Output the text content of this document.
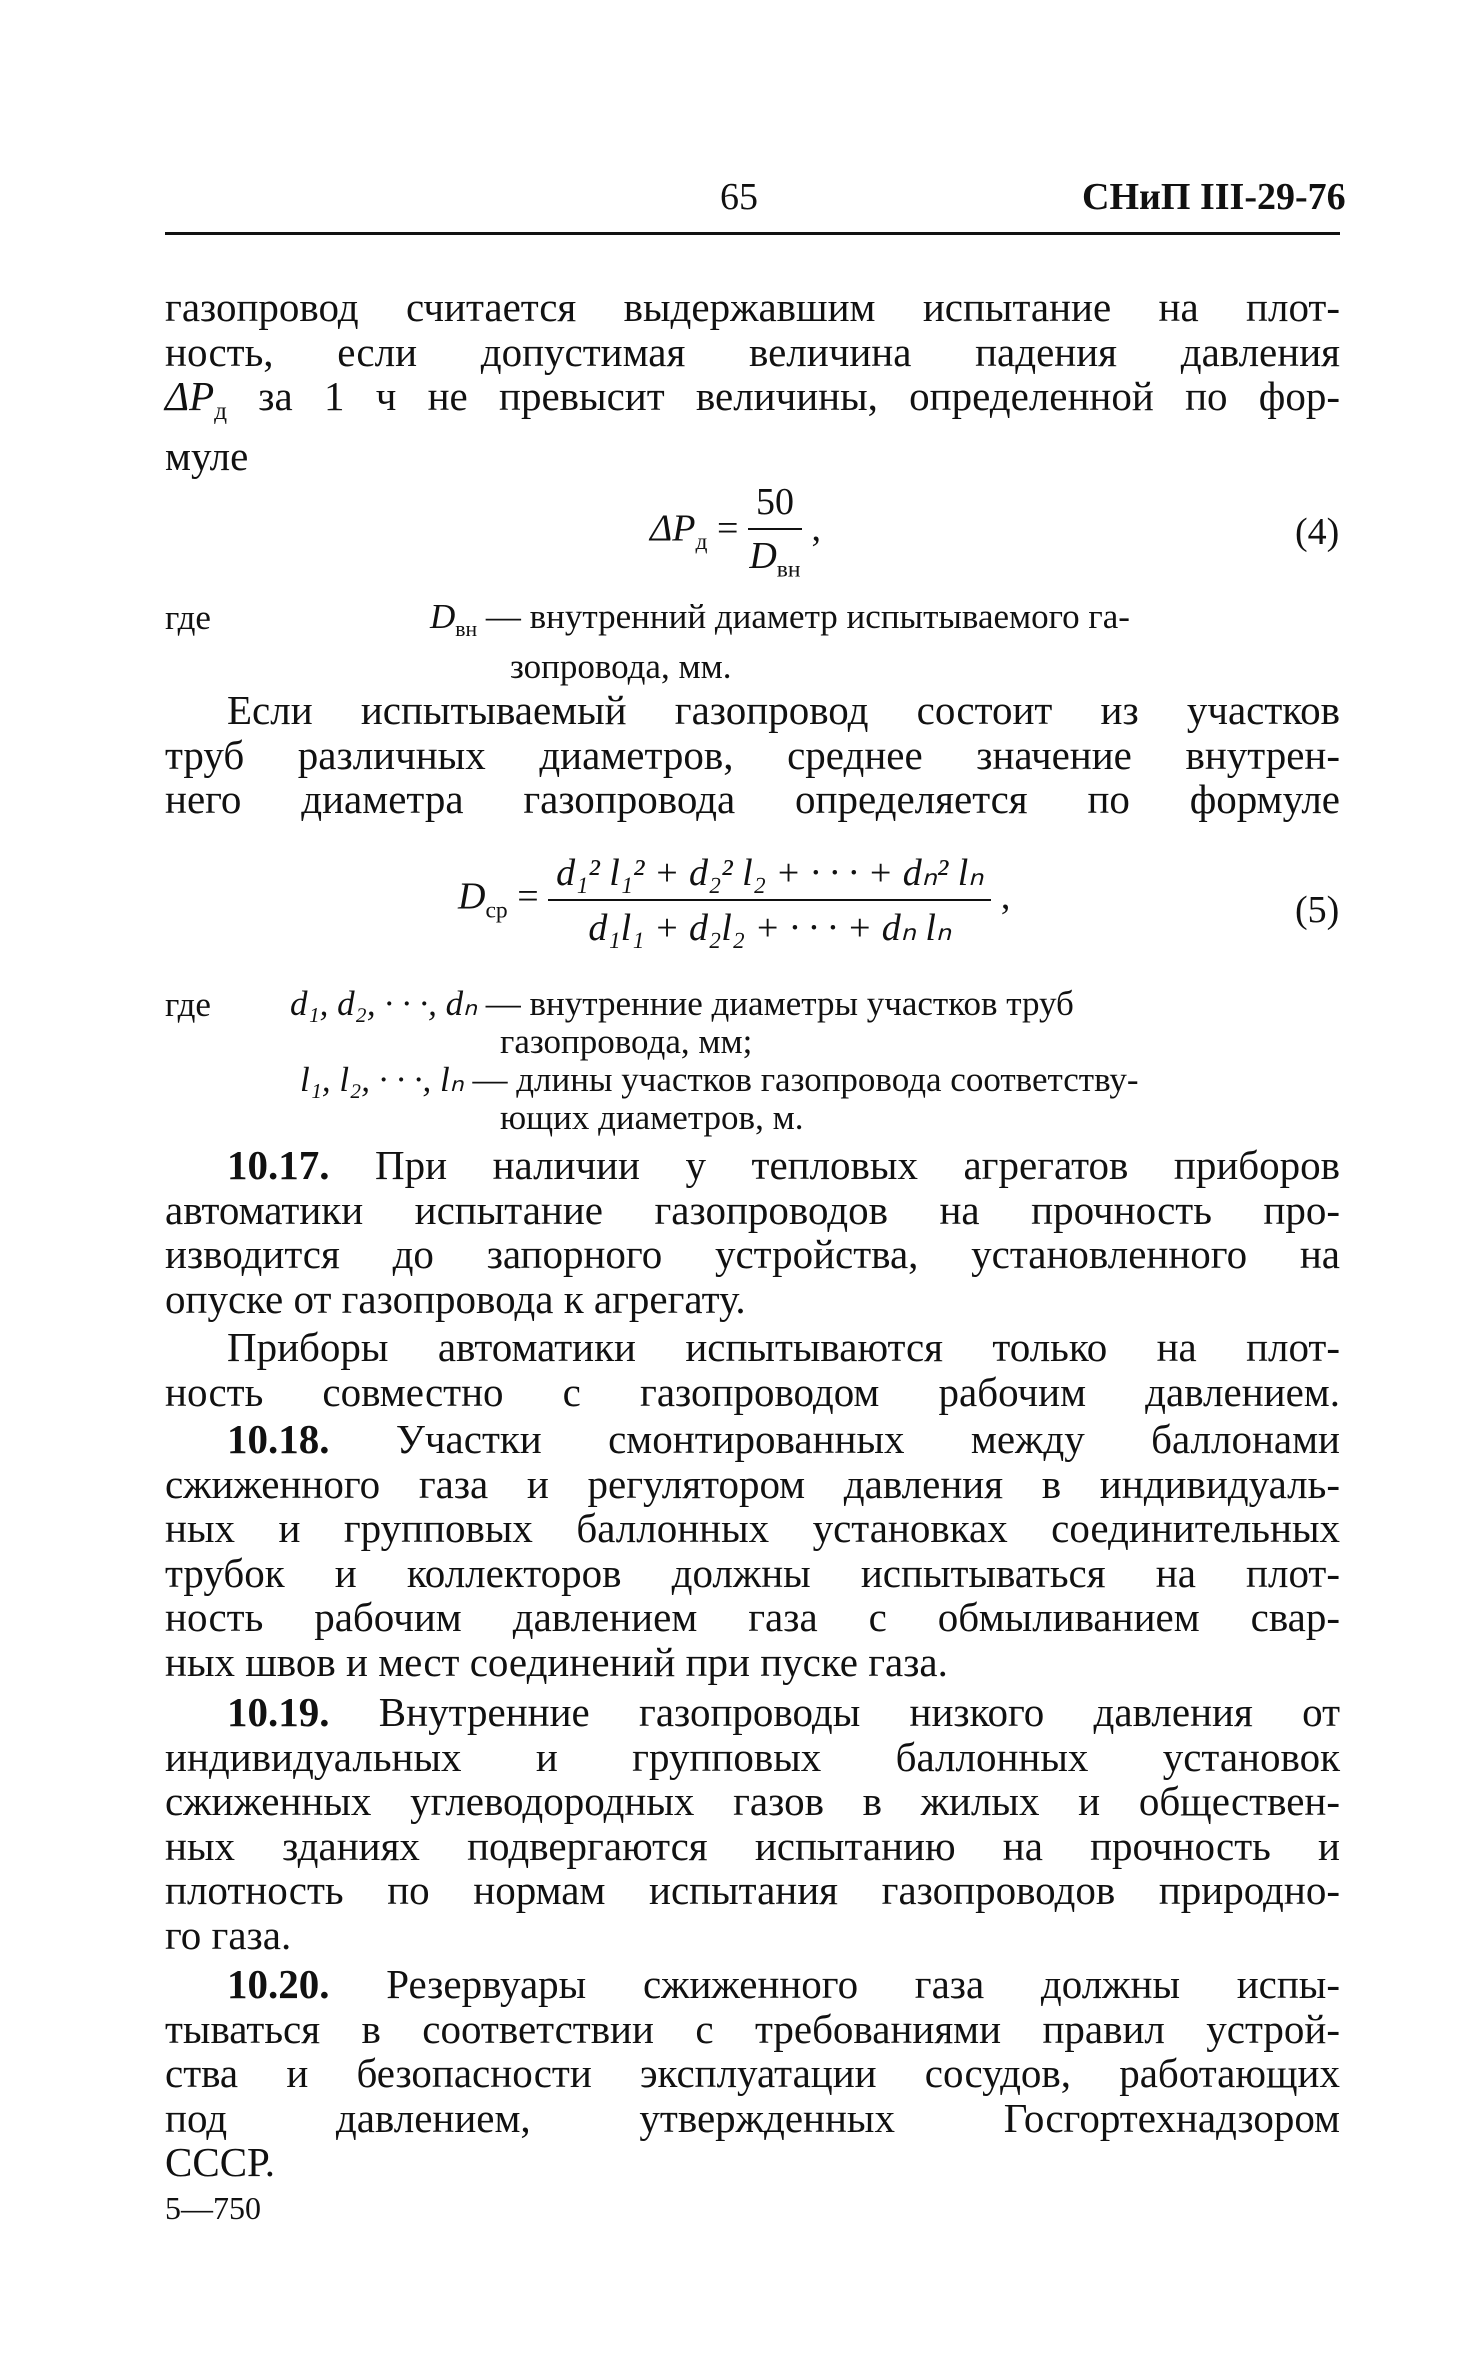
65	СНиП III-29-76
газопровод считается выдержавшим испытание на плот-
ность, если допустимая величина падения давления
$\Delta P_д$ за 1 ч не превысит величины, определенной по фор-
муле
$\Delta P_д = \frac{50}{D_{вн}}$ ,	(4)
где	$D_{вн}$ — внутренний диаметр испытываемого га-
зопровода, мм.
Если испытываемый газопровод состоит из участков
труб различных диаметров, среднее значение внутрен-
него диаметра газопровода определяется по формуле
$D_{ср} = \frac{\text{d₁² l₁² + d₂² l₂ + · · · + dₙ² lₙ}}{\text{d₁l₁ + d₂l₂ + · · · + dₙ lₙ}}$ ,	(5)
где d₁, d₂, · · ·, dₙ — внутренние диаметры участков труб
газопровода, мм;
l₁, l₂, · · ·, lₙ — длины участков газопровода соответству-
ющих диаметров, м.
10.17. При наличии у тепловых агрегатов приборов
автоматики испытание газопроводов на прочность про-
изводится до запорного устройства, установленного на
опуске от газопровода к агрегату.
Приборы автоматики испытываются только на плот-
ность совместно с газопроводом рабочим давлением.
10.18. Участки смонтированных между баллонами
сжиженного газа и регулятором давления в индивидуаль-
ных и групповых баллонных установках соединительных
трубок и коллекторов должны испытываться на плот-
ность рабочим давлением газа с обмыливанием свар-
ных швов и мест соединений при пуске газа.
10.19. Внутренние газопроводы низкого давления от
индивидуальных и групповых баллонных установок
сжиженных углеводородных газов в жилых и обществен-
ных зданиях подвергаются испытанию на прочность и
плотность по нормам испытания газопроводов природно-
го газа.
10.20. Резервуары сжиженного газа должны испы-
тываться в соответствии с требованиями правил устрой-
ства и безопасности эксплуатации сосудов, работающих
под давлением, утвержденных Госгортехнадзором
СССР.
5—750
